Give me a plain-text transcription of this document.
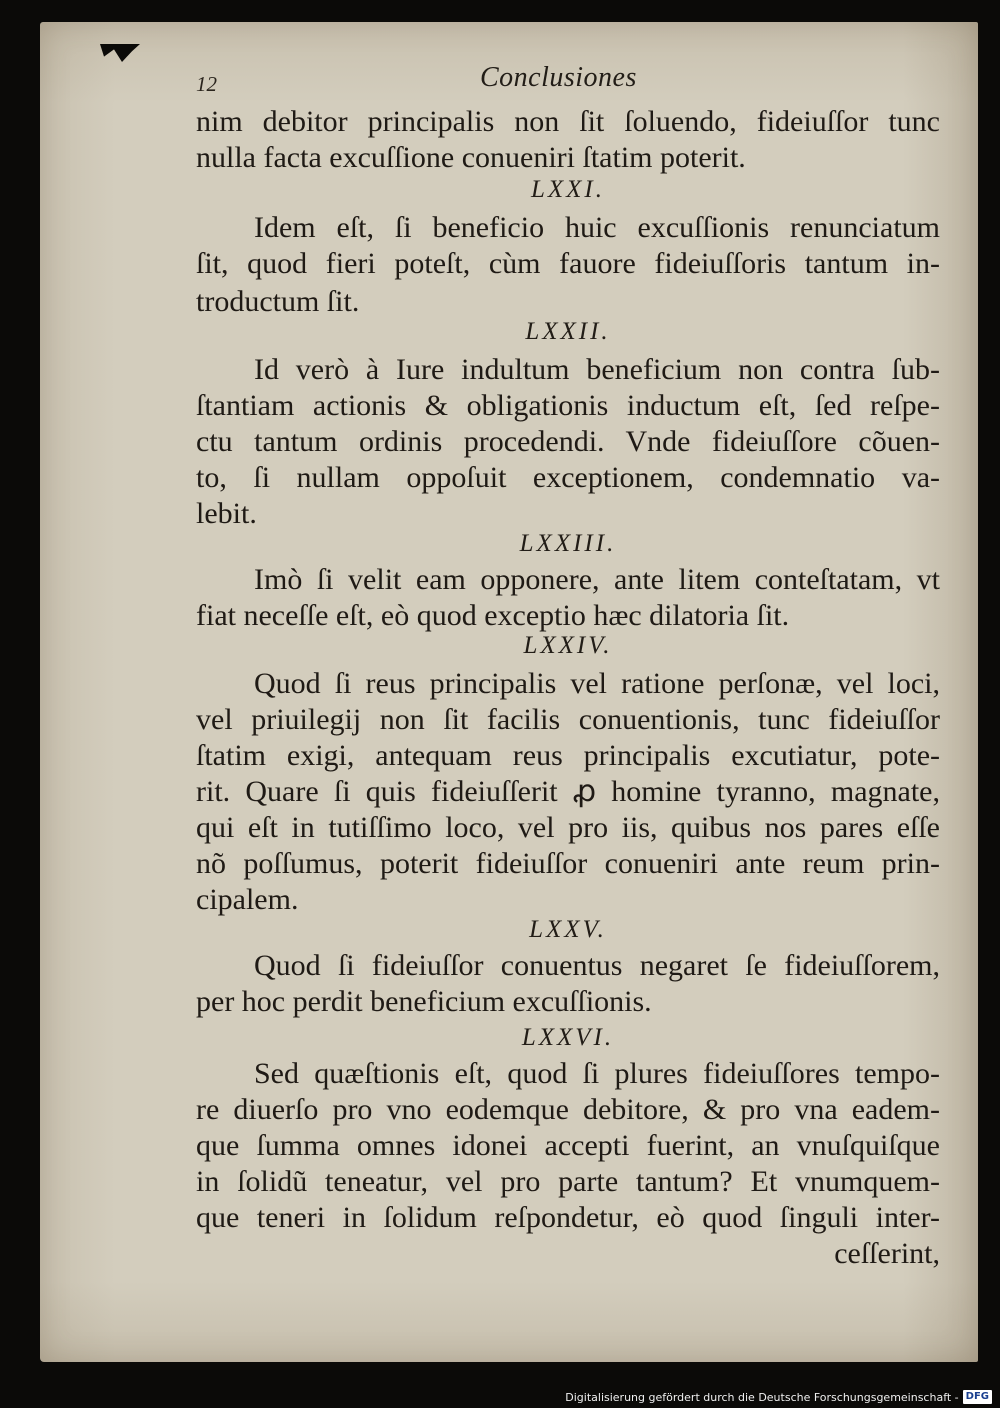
12	Conclusiones
nim debitor principalis non ſit ſoluendo, fideiuſſor tunc
nulla facta excuſſione conueniri ſtatim poterit.
LXXI.
Idem eſt, ſi beneficio huic excuſſionis renunciatum
ſit, quod fieri poteſt, cùm fauore fideiuſſoris tantum in-
troductum ſit.
LXXII.
Id verò à Iure indultum beneficium non contra ſub-
ſtantiam actionis & obligationis inductum eſt, ſed reſpe-
ctu tantum ordinis procedendi. Vnde fideiuſſore cõuen-
to, ſi nullam oppoſuit exceptionem, condemnatio va-
lebit.
LXXIII.
Imò ſi velit eam opponere, ante litem conteſtatam, vt
fiat neceſſe eſt, eò quod exceptio hæc dilatoria ſit.
LXXIV.
Quod ſi reus principalis vel ratione perſonæ, vel loci,
vel priuilegij non ſit facilis conuentionis, tunc fideiuſſor
ſtatim exigi, antequam reus principalis excutiatur, pote-
rit. Quare ſi quis fideiuſſerit ꝓ homine tyranno, magnate,
qui eſt in tutiſſimo loco, vel pro iis, quibus nos pares eſſe
nõ poſſumus, poterit fideiuſſor conueniri ante reum prin-
cipalem.
LXXV.
Quod ſi fideiuſſor conuentus negaret ſe fideiuſſorem,
per hoc perdit beneficium excuſſionis.
LXXVI.
Sed quæſtionis eſt, quod ſi plures fideiuſſores tempo-
re diuerſo pro vno eodemque debitore, & pro vna eadem-
que ſumma omnes idonei accepti fuerint, an vnuſquiſque
in ſolidũ teneatur, vel pro parte tantum? Et vnumquem-
que teneri in ſolidum reſpondetur, eò quod ſinguli inter-
ceſſerint,
Digitalisierung gefördert durch die Deutsche Forschungsgemeinschaft - DFG
